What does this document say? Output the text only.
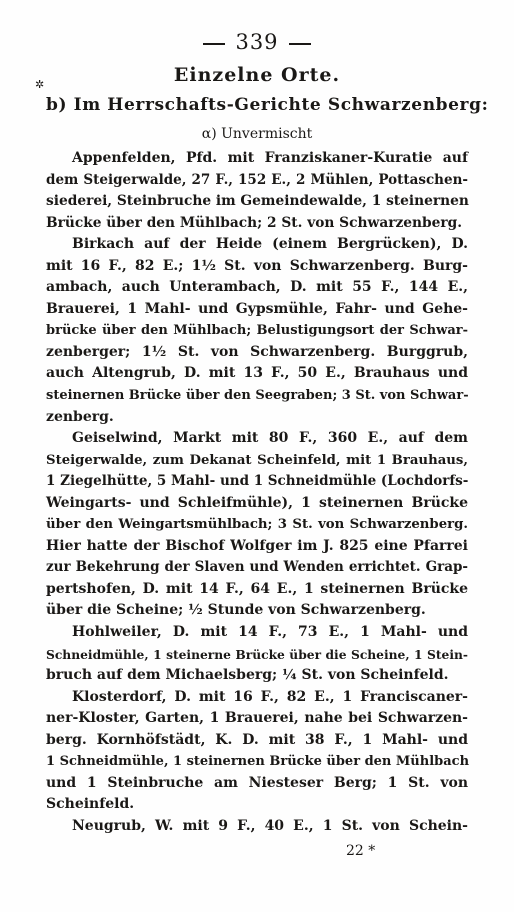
339
✲	Einzelne Orte.
b) Im Herrschafts-Gerichte Schwarzenberg:
α) Unvermischt
Appenfelden, Pfd. mit Franziskaner-Kuratie auf
dem Steigerwalde, 27 F., 152 E., 2 Mühlen, Pottaschen-
siederei, Steinbruche im Gemeindewalde, 1 steinernen
Brücke über den Mühlbach; 2 St. von Schwarzenberg.
Birkach auf der Heide (einem Bergrücken), D.
mit 16 F., 82 E.; 1½ St. von Schwarzenberg. Burg-
ambach, auch Unterambach, D. mit 55 F., 144 E.,
Brauerei, 1 Mahl- und Gypsmühle, Fahr- und Gehe-
brücke über den Mühlbach; Belustigungsort der Schwar-
zenberger; 1½ St. von Schwarzenberg. Burggrub,
auch Altengrub, D. mit 13 F., 50 E., Brauhaus und
steinernen Brücke über den Seegraben; 3 St. von Schwar-
zenberg.
Geiselwind, Markt mit 80 F., 360 E., auf dem
Steigerwalde, zum Dekanat Scheinfeld, mit 1 Brauhaus,
1 Ziegelhütte, 5 Mahl- und 1 Schneidmühle (Lochdorfs-
Weingarts- und Schleifmühle), 1 steinernen Brücke
über den Weingartsmühlbach; 3 St. von Schwarzenberg.
Hier hatte der Bischof Wolfger im J. 825 eine Pfarrei
zur Bekehrung der Slaven und Wenden errichtet. Grap-
pertshofen, D. mit 14 F., 64 E., 1 steinernen Brücke
über die Scheine; ½ Stunde von Schwarzenberg.
Hohlweiler, D. mit 14 F., 73 E., 1 Mahl- und
Schneidmühle, 1 steinerne Brücke über die Scheine, 1 Stein-
bruch auf dem Michaelsberg; ¼ St. von Scheinfeld.
Klosterdorf, D. mit 16 F., 82 E., 1 Franciscaner-
ner-Kloster, Garten, 1 Brauerei, nahe bei Schwarzen-
berg. Kornhöfstädt, K. D. mit 38 F., 1 Mahl- und
1 Schneidmühle, 1 steinernen Brücke über den Mühlbach
und 1 Steinbruche am Niesteser Berg; 1 St. von
Scheinfeld.
Neugrub, W. mit 9 F., 40 E., 1 St. von Schein-
22 *
